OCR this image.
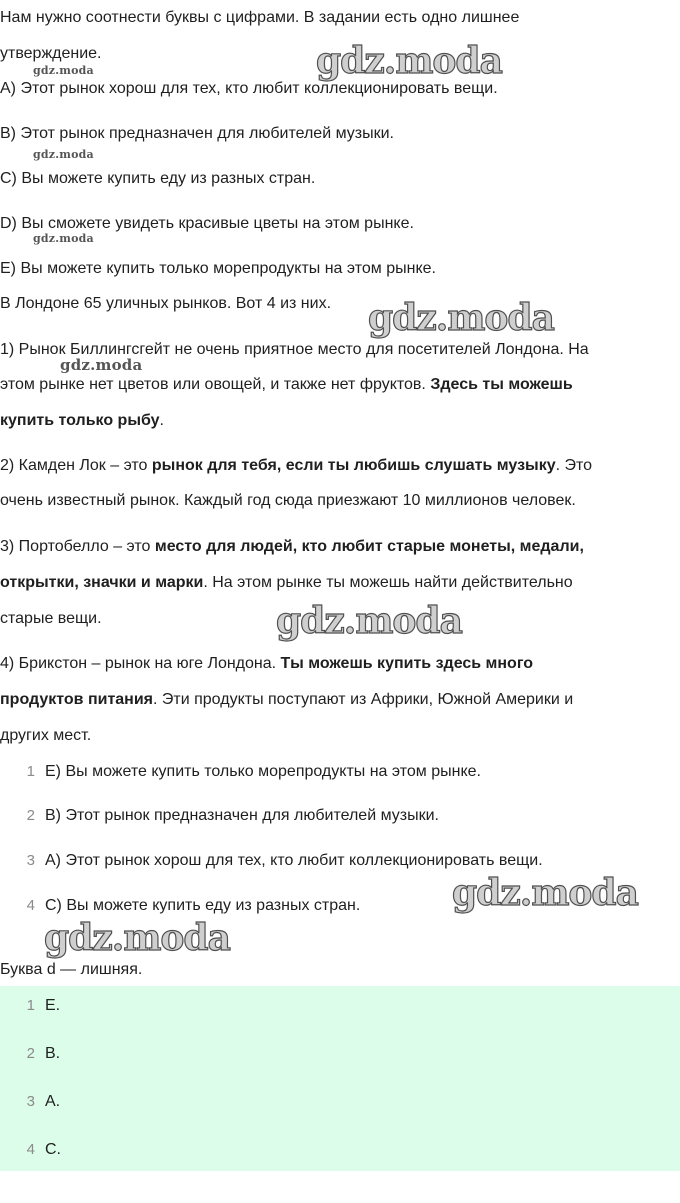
Нам нужно соотнести буквы с цифрами. В задании есть одно лишнее
утверждение.
A) Этот рынок хорош для тех, кто любит коллекционировать вещи.
B) Этот рынок предназначен для любителей музыки.
C) Вы можете купить еду из разных стран.
D) Вы сможете увидеть красивые цветы на этом рынке.
E) Вы можете купить только морепродукты на этом рынке.
В Лондоне 65 уличных рынков. Вот 4 из них.
1) Рынок Биллингсгейт не очень приятное место для посетителей Лондона. На
этом рынке нет цветов или овощей, и также нет фруктов. Здесь ты можешь
купить только рыбу.
2) Камден Лок – это рынок для тебя, если ты любишь слушать музыку. Это
очень известный рынок. Каждый год сюда приезжают 10 миллионов человек.
3) Портобелло – это место для людей, кто любит старые монеты, медали,
открытки, значки и марки. На этом рынке ты можешь найти действительно
старые вещи.
4) Брикстон – рынок на юге Лондона. Ты можешь купить здесь много
продуктов питания. Эти продукты поступают из Африки, Южной Америки и
других мест.
1 E) Вы можете купить только морепродукты на этом рынке.
2 B) Этот рынок предназначен для любителей музыки.
3 A) Этот рынок хорош для тех, кто любит коллекционировать вещи.
4 C) Вы можете купить еду из разных стран.
Буква d — лишняя.
1 E.
2 B.
3 A.
4 C.
gdz.moda
gdz.moda
gdz.moda
gdz.moda
gdz.moda
gdz.moda
gdz.moda
gdz.moda
gdz.moda
